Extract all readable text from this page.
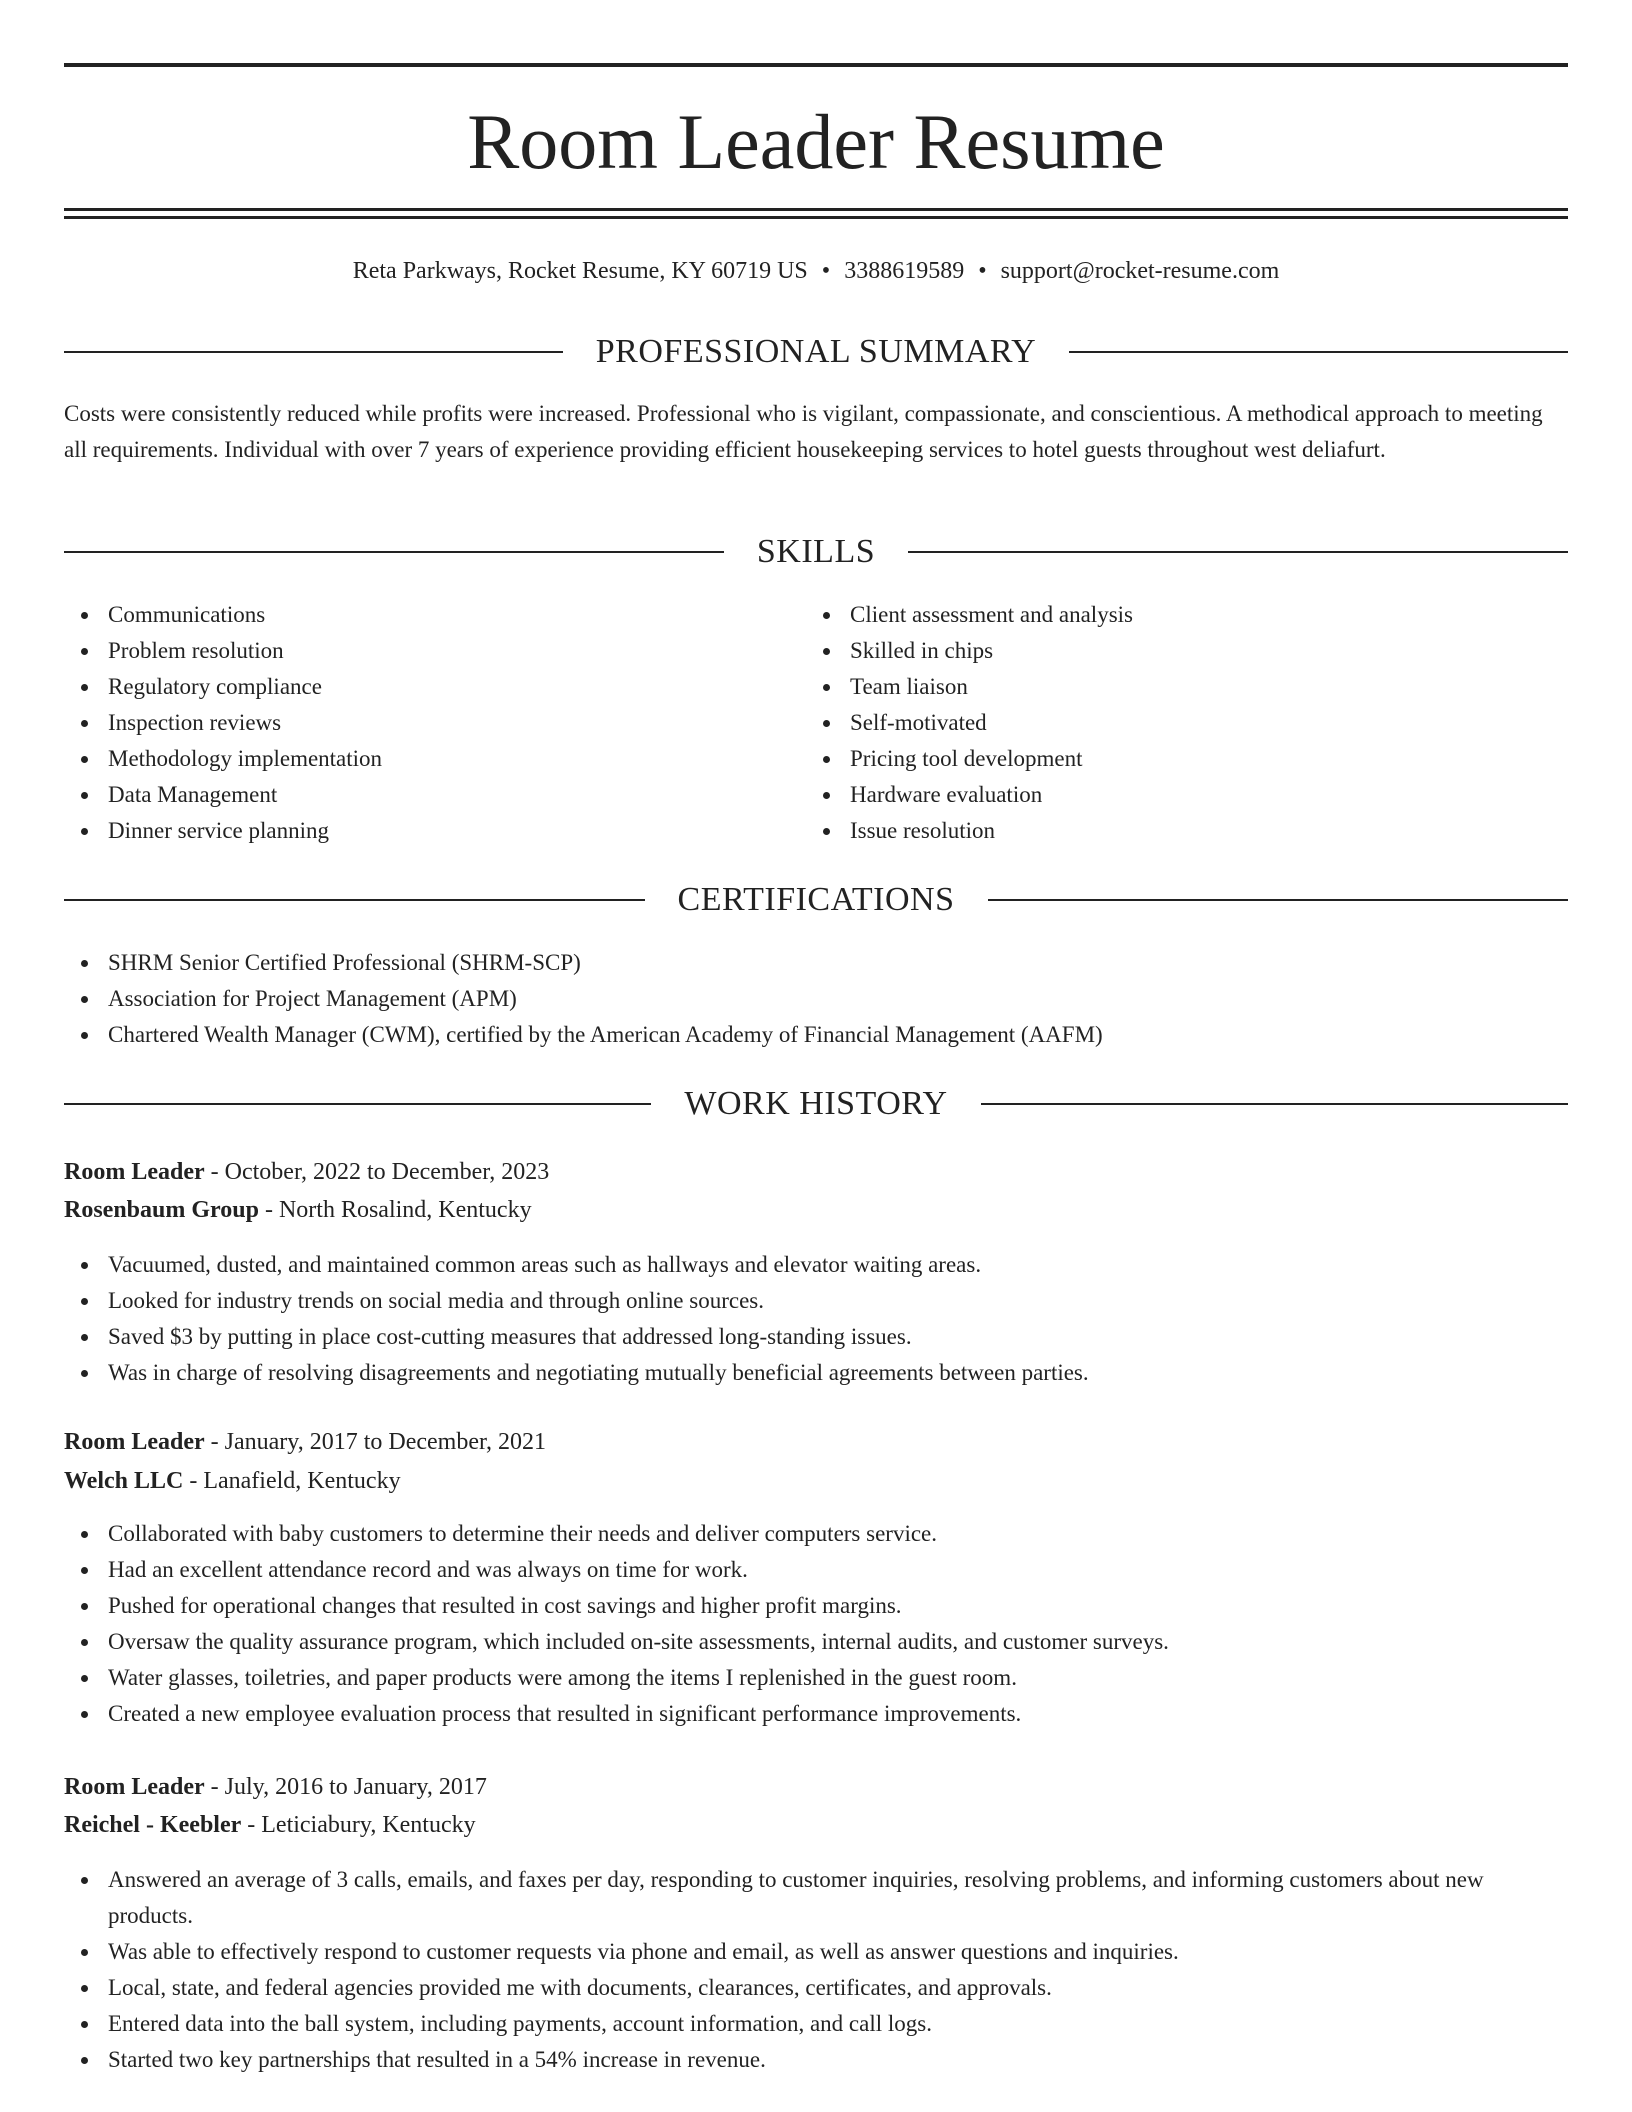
Room Leader Resume
Reta Parkways, Rocket Resume, KY 60719 US • 3388619589 • support@rocket-resume.com
PROFESSIONAL SUMMARY
Costs were consistently reduced while profits were increased. Professional who is vigilant, compassionate, and conscientious. A methodical approach to meeting all requirements. Individual with over 7 years of experience providing efficient housekeeping services to hotel guests throughout west deliafurt.
SKILLS
Communications
Problem resolution
Regulatory compliance
Inspection reviews
Methodology implementation
Data Management
Dinner service planning
Client assessment and analysis
Skilled in chips
Team liaison
Self-motivated
Pricing tool development
Hardware evaluation
Issue resolution
CERTIFICATIONS
SHRM Senior Certified Professional (SHRM-SCP)
Association for Project Management (APM)
Chartered Wealth Manager (CWM), certified by the American Academy of Financial Management (AAFM)
WORK HISTORY
Room Leader - October, 2022 to December, 2023
Rosenbaum Group - North Rosalind, Kentucky
Vacuumed, dusted, and maintained common areas such as hallways and elevator waiting areas.
Looked for industry trends on social media and through online sources.
Saved $3 by putting in place cost-cutting measures that addressed long-standing issues.
Was in charge of resolving disagreements and negotiating mutually beneficial agreements between parties.
Room Leader - January, 2017 to December, 2021
Welch LLC - Lanafield, Kentucky
Collaborated with baby customers to determine their needs and deliver computers service.
Had an excellent attendance record and was always on time for work.
Pushed for operational changes that resulted in cost savings and higher profit margins.
Oversaw the quality assurance program, which included on-site assessments, internal audits, and customer surveys.
Water glasses, toiletries, and paper products were among the items I replenished in the guest room.
Created a new employee evaluation process that resulted in significant performance improvements.
Room Leader - July, 2016 to January, 2017
Reichel - Keebler - Leticiabury, Kentucky
Answered an average of 3 calls, emails, and faxes per day, responding to customer inquiries, resolving problems, and informing customers about new products.
Was able to effectively respond to customer requests via phone and email, as well as answer questions and inquiries.
Local, state, and federal agencies provided me with documents, clearances, certificates, and approvals.
Entered data into the ball system, including payments, account information, and call logs.
Started two key partnerships that resulted in a 54% increase in revenue.
